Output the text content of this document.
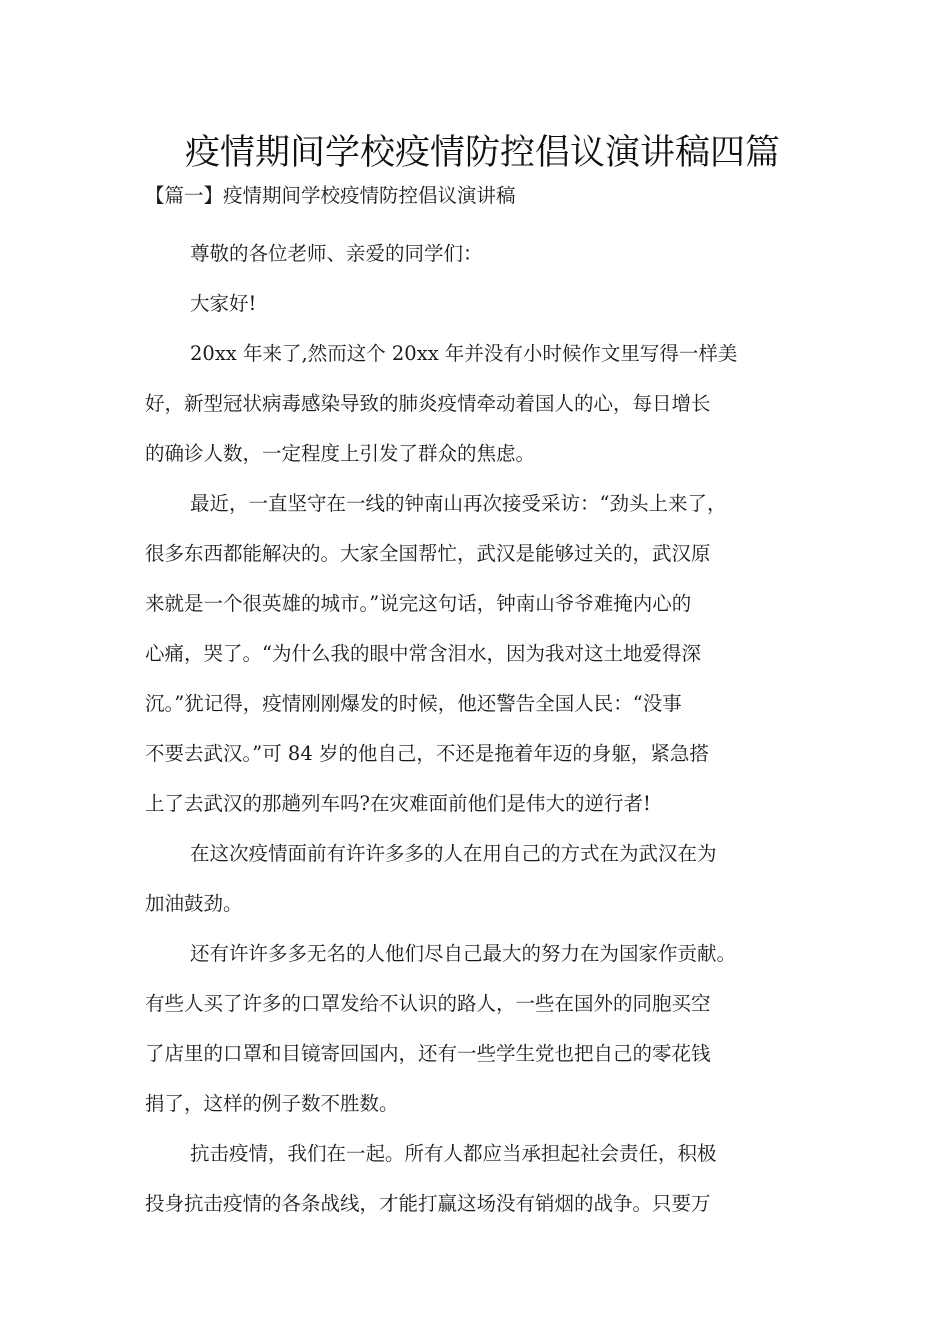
疫情期间学校疫情防控倡议演讲稿四篇
【篇一】疫情期间学校疫情防控倡议演讲稿

尊敬的各位老师、亲爱的同学们：

大家好!

20xx 年来了,然而这个 20xx 年并没有小时候作文里写得一样美
好，新型冠状病毒感染导致的肺炎疫情牵动着国人的心，每日增长
的确诊人数，一定程度上引发了群众的焦虑。

最近，一直坚守在一线的钟南山再次接受采访：“劲头上来了，
很多东西都能解决的。大家全国帮忙，武汉是能够过关的，武汉原
来就是一个很英雄的城市。”说完这句话，钟南山爷爷难掩内心的
心痛，哭了。“为什么我的眼中常含泪水，因为我对这土地爱得深
沉。”犹记得，疫情刚刚爆发的时候，他还警告全国人民：“没事
不要去武汉。”可 84 岁的他自己，不还是拖着年迈的身躯，紧急搭
上了去武汉的那趟列车吗?在灾难面前他们是伟大的逆行者!

在这次疫情面前有许许多多的人在用自己的方式在为武汉在为
加油鼓劲。

还有许许多多无名的人他们尽自己最大的努力在为国家作贡献。
有些人买了许多的口罩发给不认识的路人，一些在国外的同胞买空
了店里的口罩和目镜寄回国内，还有一些学生党也把自己的零花钱
捐了，这样的例子数不胜数。

抗击疫情，我们在一起。所有人都应当承担起社会责任，积极
投身抗击疫情的各条战线，才能打赢这场没有销烟的战争。只要万
